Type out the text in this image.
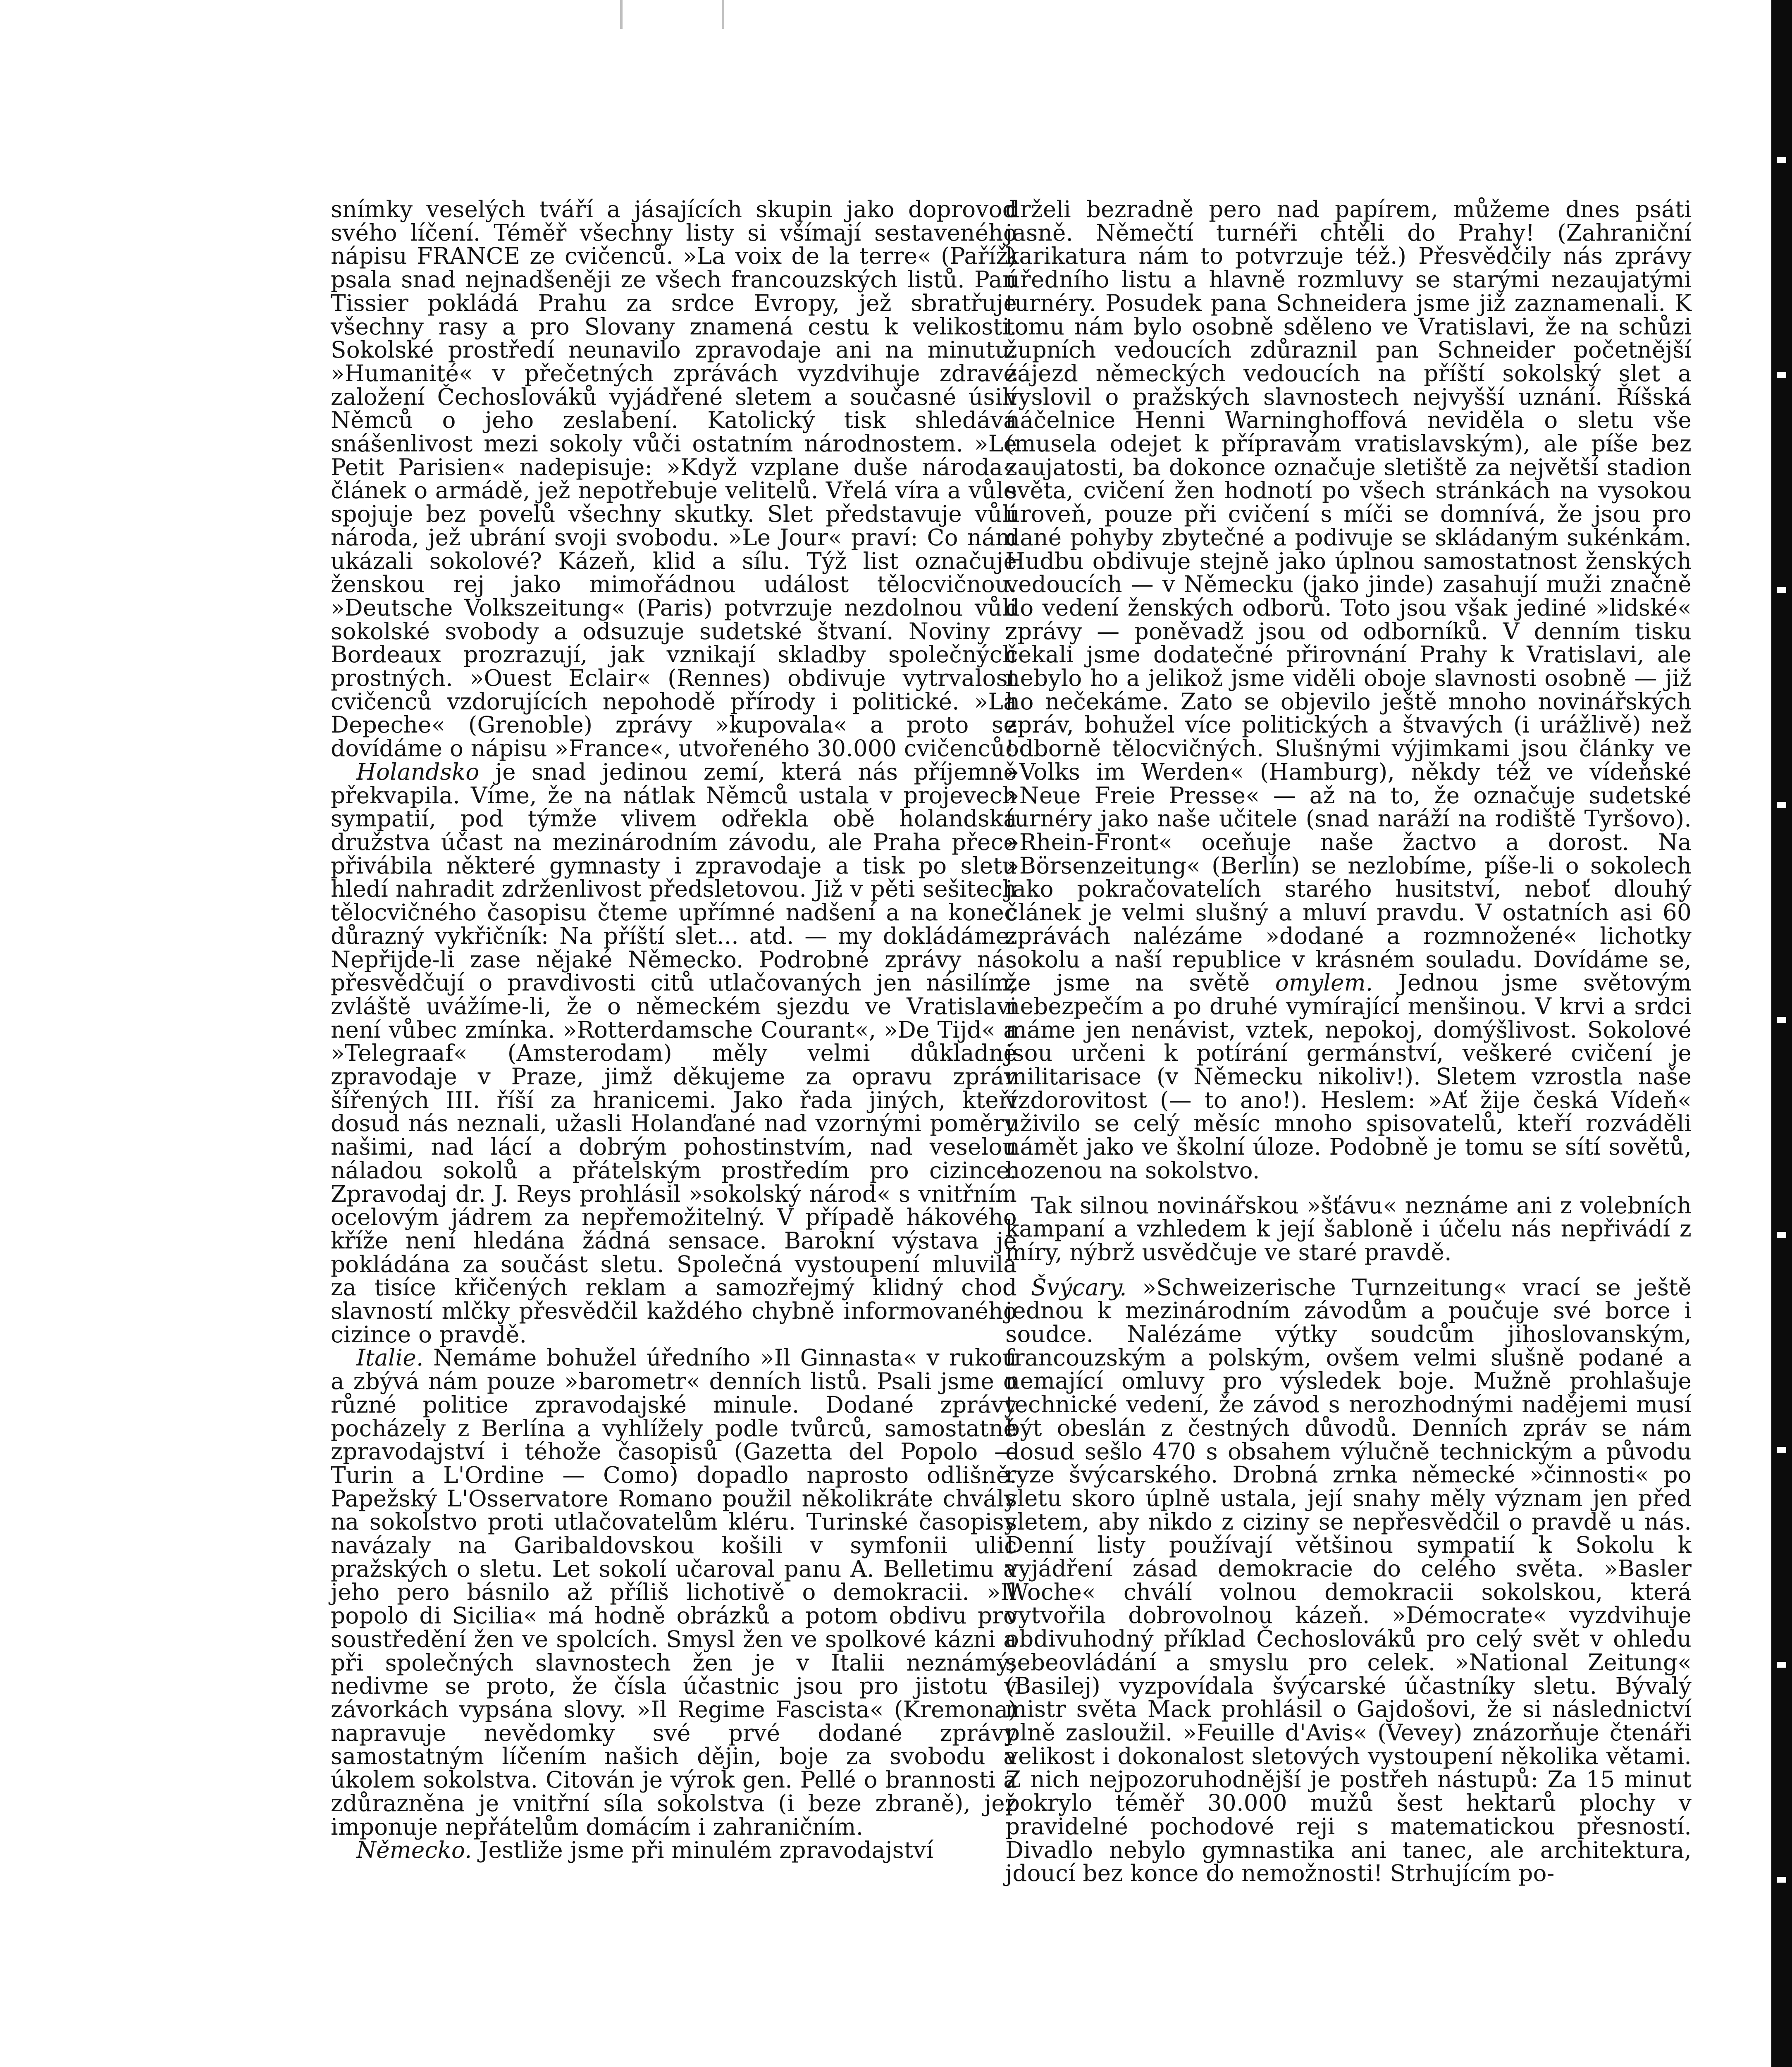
snímky veselých tváří a jásajících skupin jako doprovod svého líčení. Téměř všechny listy si všímají sestaveného nápisu FRANCE ze cvičenců. »La voix de la terre« (Paříž) psala snad nejnadšeněji ze všech francouzských listů. Pan Tissier pokládá Prahu za srdce Evropy, jež sbratřuje všechny rasy a pro Slovany znamená cestu k velikosti. Sokolské prostředí neunavilo zpravodaje ani na minutu. »Humanité« v přečetných zprávách vyzdvihuje zdravé založení Čechoslováků vyjádřené sletem a současné úsilí Němců o jeho zeslabení. Katolický tisk shledává snášenlivost mezi sokoly vůči ostatním národnostem. »Le Petit Parisien« nadepisuje: »Když vzplane duše národa« článek o armádě, jež nepotřebuje velitelů. Vřelá víra a vůle spojuje bez povelů všechny skutky. Slet představuje vůli národa, jež ubrání svoji svobodu. »Le Jour« praví: Co nám ukázali sokolové? Kázeň, klid a sílu. Týž list označuje ženskou rej jako mimořádnou událost tělocvičnou. »Deutsche Volkszeitung« (Paris) potvrzuje nezdolnou vůli sokolské svobody a odsuzuje sudetské štvaní. Noviny z Bordeaux prozrazují, jak vznikají skladby společných prostných. »Ouest Eclair« (Rennes) obdivuje vytrvalost cvičenců vzdorujících nepohodě přírody i politické. »La Depeche« (Grenoble) zprávy »kupovala« a proto se dovídáme o nápisu »France«, utvořeného 30.000 cvičenců!

Holandsko je snad jedinou zemí, která nás příjemně překvapila. Víme, že na nátlak Němců ustala v projevech sympatií, pod týmže vlivem odřekla obě holandská družstva účast na mezinárodním závodu, ale Praha přece přivábila některé gymnasty i zpravodaje a tisk po sletu hledí nahradit zdrženlivost předsletovou. Již v pěti sešitech tělocvičného časopisu čteme upřímné nadšení a na konec důrazný vykřičník: Na příští slet... atd. — my dokládáme: Nepřijde-li zase nějaké Německo. Podrobné zprávy nás přesvědčují o pravdivosti citů utlačovaných jen násilím, zvláště uvážíme-li, že o německém sjezdu ve Vratislavi není vůbec zmínka. »Rotterdamsche Courant«, »De Tijd« a »Telegraaf« (Amsterodam) měly velmi důkladné zpravodaje v Praze, jimž děkujeme za opravu zpráv šířených III. říší za hranicemi. Jako řada jiných, kteří dosud nás neznali, užasli Holanďané nad vzornými poměry našimi, nad lácí a dobrým pohostinstvím, nad veselou náladou sokolů a přátelským prostředím pro cizince. Zpravodaj dr. J. Reys prohlásil »sokolský národ« s vnitřním ocelovým jádrem za nepřemožitelný. V případě hákového kříže není hledána žádná sensace. Barokní výstava je pokládána za součást sletu. Společná vystoupení mluvila za tisíce křičených reklam a samozřejmý klidný chod slavností mlčky přesvědčil každého chybně informovaného cizince o pravdě.

Italie. Nemáme bohužel úředního »Il Ginnasta« v rukou a zbývá nám pouze »barometr« denních listů. Psali jsme o různé politice zpravodajské minule. Dodané zprávy pocházely z Berlína a vyhlížely podle tvůrců, samostatné zpravodajství i téhože časopisů (Gazetta del Popolo — Turin a L'Ordine — Como) dopadlo naprosto odlišně. Papežský L'Osservatore Romano použil několikráte chvály na sokolstvo proti utlačovatelům kléru. Turinské časopisy navázaly na Garibaldovskou košili v symfonii ulic pražských o sletu. Let sokolí učaroval panu A. Belletimu a jeho pero básnilo až příliš lichotivě o demokracii. »Il popolo di Sicilia« má hodně obrázků a potom obdivu pro soustředění žen ve spolcích. Smysl žen ve spolkové kázni a při společných slavnostech žen je v Italii neznámý; nedivme se proto, že čísla účastnic jsou pro jistotu v závorkách vypsána slovy. »Il Regime Fascista« (Kremona) napravuje nevědomky své prvé dodané zprávy samostatným líčením našich dějin, boje za svobodu a úkolem sokolstva. Citován je výrok gen. Pellé o brannosti a zdůrazněna je vnitřní síla sokolstva (i beze zbraně), jež imponuje nepřátelům domácím i zahraničním.

Německo. Jestliže jsme při minulém zpravodajství

drželi bezradně pero nad papírem, můžeme dnes psáti jasně. Němečtí turnéři chtěli do Prahy! (Zahraniční karikatura nám to potvrzuje též.) Přesvědčily nás zprávy úředního listu a hlavně rozmluvy se starými nezaujatými turnéry. Posudek pana Schneidera jsme již zaznamenali. K tomu nám bylo osobně sděleno ve Vratislavi, že na schůzi župních vedoucích zdůraznil pan Schneider početnější zájezd německých vedoucích na příští sokolský slet a vyslovil o pražských slavnostech nejvyšší uznání. Říšská náčelnice Henni Warninghoffová neviděla o sletu vše (musela odejet k přípravám vratislavským), ale píše bez zaujatosti, ba dokonce označuje sletiště za největší stadion světa, cvičení žen hodnotí po všech stránkách na vysokou úroveň, pouze při cvičení s míči se domnívá, že jsou pro dané pohyby zbytečné a podivuje se skládaným sukénkám. Hudbu obdivuje stejně jako úplnou samostatnost ženských vedoucích — v Německu (jako jinde) zasahují muži značně do vedení ženských odborů. Toto jsou však jediné »lidské« zprávy — poněvadž jsou od odborníků. V denním tisku čekali jsme dodatečné přirovnání Prahy k Vratislavi, ale nebylo ho a jelikož jsme viděli oboje slavnosti osobně — již ho nečekáme. Zato se objevilo ještě mnoho novinářských zpráv, bohužel více politických a štvavých (i urážlivě) než odborně tělocvičných. Slušnými výjimkami jsou články ve »Volks im Werden« (Hamburg), někdy též ve vídeňské »Neue Freie Presse« — až na to, že označuje sudetské turnéry jako naše učitele (snad naráží na rodiště Tyršovo). »Rhein-Front« oceňuje naše žactvo a dorost. Na »Börsenzeitung« (Berlín) se nezlobíme, píše-li o sokolech jako pokračovatelích starého husitství, neboť dlouhý článek je velmi slušný a mluví pravdu. V ostatních asi 60 zprávách nalézáme »dodané a rozmnožené« lichotky sokolu a naší republice v krásném souladu. Dovídáme se, že jsme na světě omylem. Jednou jsme světovým nebezpečím a po druhé vymírající menšinou. V krvi a srdci máme jen nenávist, vztek, nepokoj, domýšlivost. Sokolové jsou určeni k potírání germánství, veškeré cvičení je militarisace (v Německu nikoliv!). Sletem vzrostla naše vzdorovitost (— to ano!). Heslem: »Ať žije česká Vídeň« uživilo se celý měsíc mnoho spisovatelů, kteří rozváděli námět jako ve školní úloze. Podobně je tomu se sítí sovětů, hozenou na sokolstvo.

Tak silnou novinářskou »šťávu« neznáme ani z volebních kampaní a vzhledem k její šabloně i účelu nás nepřivádí z míry, nýbrž usvědčuje ve staré pravdě.

Švýcary. »Schweizerische Turnzeitung« vrací se ještě jednou k mezinárodním závodům a poučuje své borce i soudce. Nalézáme výtky soudcům jihoslovanským, francouzským a polským, ovšem velmi slušně podané a nemající omluvy pro výsledek boje. Mužně prohlašuje technické vedení, že závod s nerozhodnými nadějemi musí být obeslán z čestných důvodů. Denních zpráv se nám dosud sešlo 470 s obsahem výlučně technickým a původu ryze švýcarského. Drobná zrnka německé »činnosti« po sletu skoro úplně ustala, její snahy měly význam jen před sletem, aby nikdo z ciziny se nepřesvědčil o pravdě u nás. Denní listy používají většinou sympatií k Sokolu k vyjádření zásad demokracie do celého světa. »Basler Woche« chválí volnou demokracii sokolskou, která vytvořila dobrovolnou kázeň. »Démocrate« vyzdvihuje obdivuhodný příklad Čechoslováků pro celý svět v ohledu sebeovládání a smyslu pro celek. »National Zeitung« (Basilej) vyzpovídala švýcarské účastníky sletu. Bývalý mistr světa Mack prohlásil o Gajdošovi, že si následnictví plně zasloužil. »Feuille d'Avis« (Vevey) znázorňuje čtenáři velikost i dokonalost sletových vystoupení několika větami. Z nich nejpozoruhodnější je postřeh nástupů: Za 15 minut pokrylo téměř 30.000 mužů šest hektarů plochy v pravidelné pochodové reji s matematickou přesností. Divadlo nebylo gymnastika ani tanec, ale architektura, jdoucí bez konce do nemožnosti! Strhujícím po-
